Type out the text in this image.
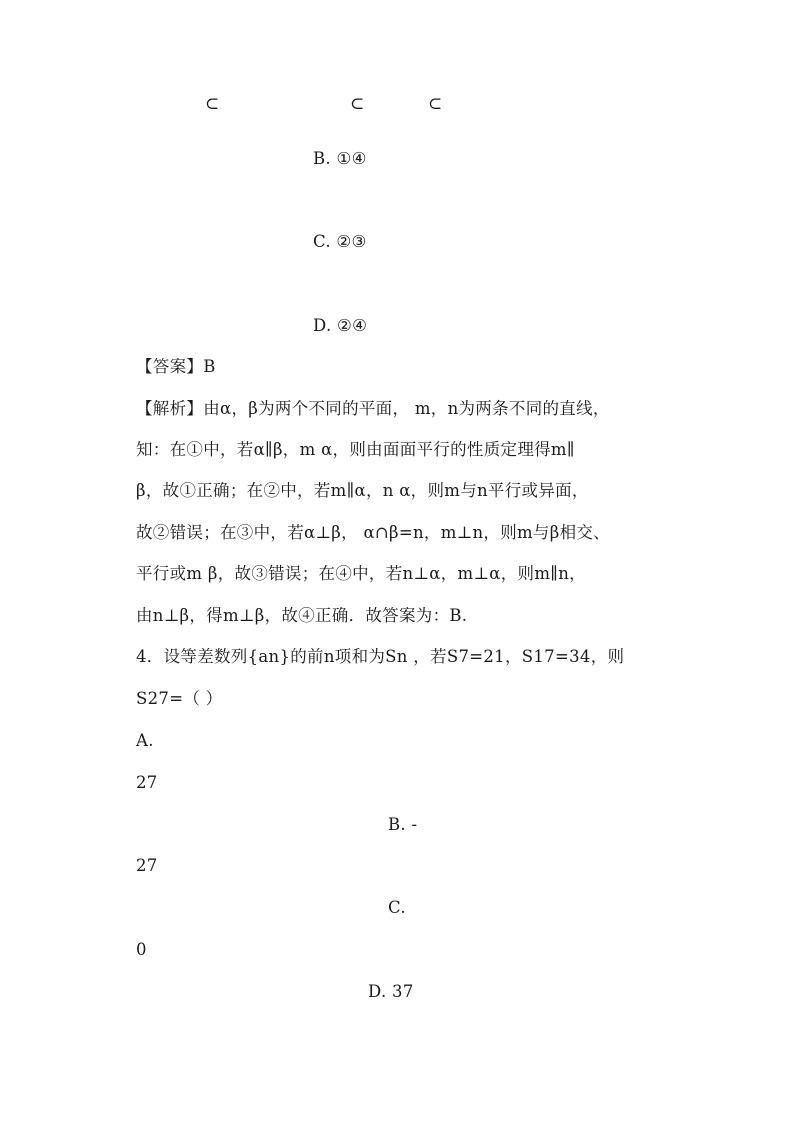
⊂	⊂	⊂
B. ①④
C. ②③
D. ②④
【答案】B
【解析】由α，β为两个不同的平面， m，n为两条不同的直线，
知：在①中，若α∥β，m α，则由面面平行的性质定理得m∥
β，故①正确；在②中，若m∥α，n α，则m与n平行或异面，
故②错误；在③中，若α⊥β， α∩β=n，m⊥n，则m与β相交、
平行或m β，故③错误；在④中，若n⊥α，m⊥α，则m∥n，
由n⊥β，得m⊥β，故④正确．故答案为：B.
4．设等差数列{an}的前n项和为Sn ，若S7=21，S17=34，则
S27=（ ）
A.
27
B. -
27
C.
0
D. 37
